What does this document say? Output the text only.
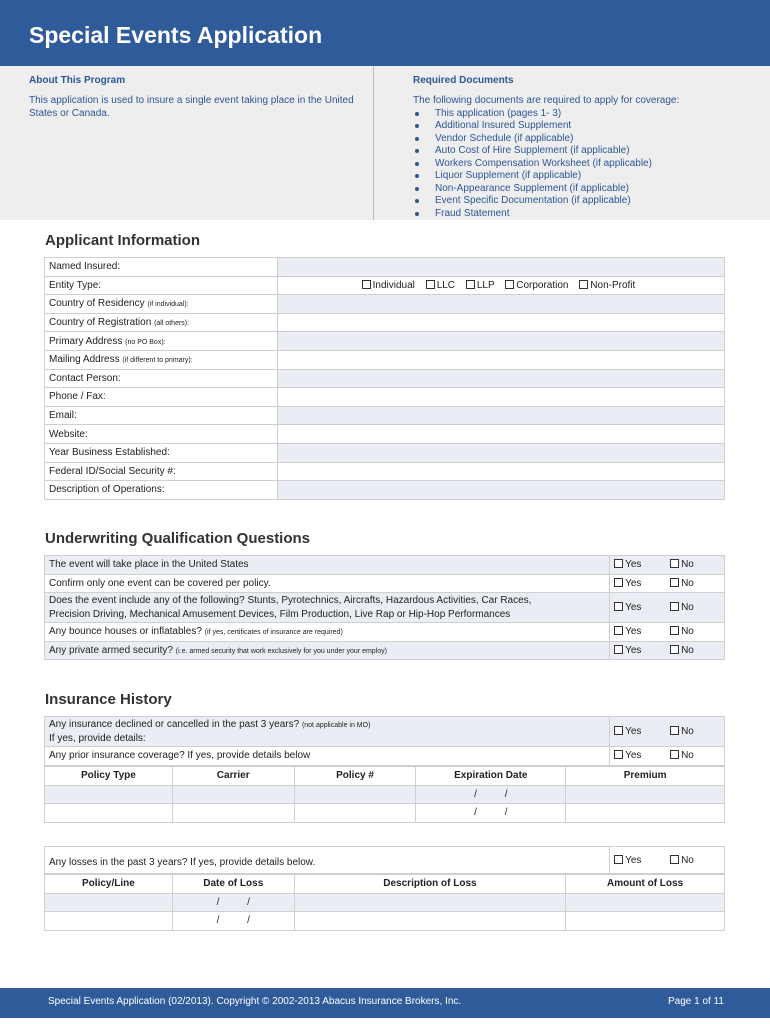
Special Events Application
About This Program
This application is used to insure a single event taking place in the United States or Canada.
Required Documents
The following documents are required to apply for coverage:
This application (pages 1- 3)
Additional Insured Supplement
Vendor Schedule (if applicable)
Auto Cost of Hire Supplement (if applicable)
Workers Compensation Worksheet (if applicable)
Liquor Supplement (if applicable)
Non-Appearance Supplement (if applicable)
Event Specific Documentation (if applicable)
Fraud Statement
Applicant Information
Named Insured:	
Entity Type:	Individual LLC LLP Corporation Non-Profit
Country of Residency (if individual):	
Country of Registration (all others):	
Primary Address (no PO Box):	
Mailing Address (if different to primary):	
Contact Person:	
Phone / Fax:	
Email:	
Website:	
Year Business Established:	
Federal ID/Social Security #:	
Description of Operations:	
Underwriting Qualification Questions
The event will take place in the United States	Yes No
Confirm only one event can be covered per policy.	Yes No

Does the event include any of the following? Stunts, Pyrotechnics, Aircrafts, Hazardous Activities, Car Races,
Precision Driving, Mechanical Amusement Devices, Film Production, Live Rap or Hip-Hop Performances	Yes No
Any bounce houses or inflatables? (if yes, certificates of insurance are required)	Yes No
Any private armed security? (i.e. armed security that work exclusively for you under your employ)	Yes No
Insurance History
Any insurance declined or cancelled in the past 3 years? (not applicable in MO)
If yes, provide details:	Yes No
Any prior insurance coverage? If yes, provide details below	Yes No
Policy Type	Carrier	Policy #	Expiration Date	Premium
			/          /	
			/          /	
Any losses in the past 3 years? If yes, provide details below.	Yes	No
Policy/Line	Date of Loss	Description of Loss	Amount of Loss
	/          /		
	/          /		
Special Events Application (02/2013). Copyright © 2002-2013 Abacus Insurance Brokers, Inc.	Page 1 of 11
